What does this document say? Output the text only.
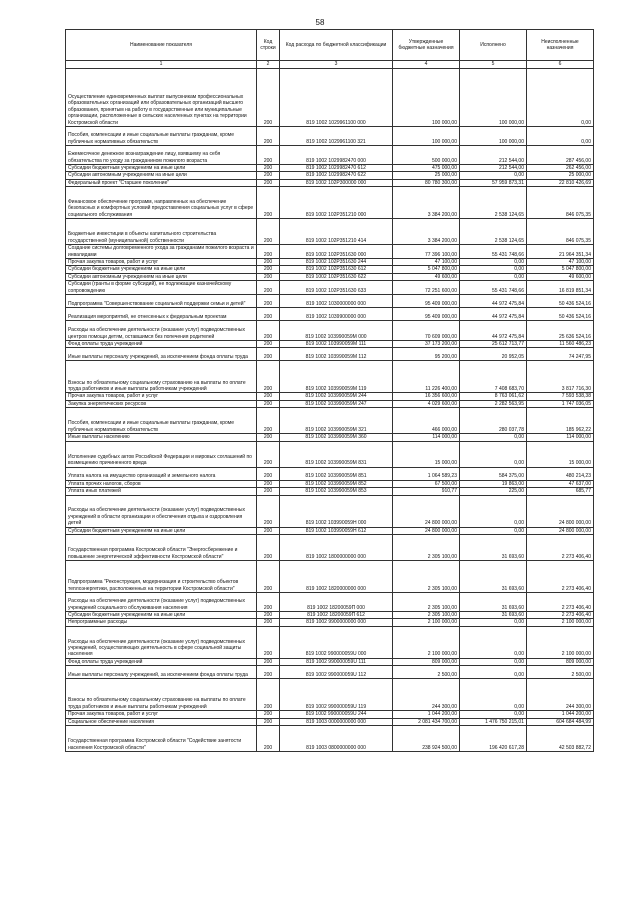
58
Наименование показателя	Код строки	Код расхода по бюджетной классификации	Утвержденные бюджетные назначения	Исполнено	Неисполненные назначения
1	2	3	4	5	6
Осуществление единовременных выплат выпускникам профессиональных образовательных организаций или образовательных организаций высшего образования, принятым на работу в государственные или муниципальные организации, расположенные в сельских населенных пунктах на территории Костромской области	200	819 1002 1029961100 000	100 000,00	100 000,00	0,00
Пособия, компенсации и иные социальные выплаты гражданам, кроме публичных нормативных обязательств	200	819 1002 1029961100 321	100 000,00	100 000,00	0,00
Ежемесячное денежное вознаграждение лицу, взявшему на себя обязательства по уходу за гражданином пожилого возраста	200	819 1002 1029982470 000	500 000,00	212 544,00	287 456,00
Субсидии бюджетным учреждениям на иные цели	200	819 1002 1029982470 612	475 000,00	212 544,00	262 456,00
Субсидии автономным учреждениям на иные цели	200	819 1002 1029982470 622	25 000,00	0,00	25 000,00
Федеральный проект "Старшее поколение"	200	819 1002 102P300000 000	80 780 300,00	57 959 873,31	22 810 426,69
Финансовое обеспечение программ, направленных на обеспечение безопасных и комфортных условий предоставления социальных услуг в сфере социального обслуживания	200	819 1002 102P351210 000	3 384 200,00	2 538 124,65	846 075,35
Бюджетные инвестиции в объекты капитального строительства государственной (муниципальной) собственности	200	819 1002 102P351210 414	3 384 200,00	2 538 124,65	846 075,35
Создание системы долговременного ухода за гражданами пожилого возраста и инвалидами	200	819 1002 102P351630 000	77 396 100,00	55 431 748,66	21 964 351,34
Прочая закупка товаров, работ и услуг	200	819 1002 102P351630 244	47 100,00	0,00	47 100,00
Субсидии бюджетным учреждениям на иные цели	200	819 1002 102P351630 612	5 047 800,00	0,00	5 047 800,00
Субсидии автономным учреждениям на иные цели	200	819 1002 102P351630 622	49 600,00	0,00	49 600,00
Субсидии (гранты в форме субсидий), не подлежащие казначейскому сопровождению	200	819 1002 102P351630 633	72 251 600,00	55 431 748,66	16 819 851,34
Подпрограмма "Совершенствование социальной поддержки семьи и детей"	200	819 1002 1030000000 000	95 409 000,00	44 972 475,84	50 436 524,16
Реализация мероприятий, не отнесенных к федеральным проектам	200	819 1002 1039900000 000	95 409 000,00	44 972 475,84	50 436 524,16
Расходы на обеспечение деятельности (оказание услуг) подведомственных центров помощи детям, оставшимся без попечения родителей	200	819 1002 103990059M 000	70 609 000,00	44 972 475,84	25 636 524,16
Фонд оплаты труда учреждений	200	819 1002 103990059M 111	37 173 200,00	25 612 713,77	11 560 486,23
Иные выплаты персоналу учреждений, за исключением фонда оплаты труда	200	819 1002 103990059M 112	95 200,00	20 952,05	74 247,95
Взносы по обязательному социальному страхованию на выплаты по оплате труда работников и иные выплаты работникам учреждений	200	819 1002 103990059M 119	11 226 400,00	7 408 683,70	3 817 716,30
Прочая закупка товаров, работ и услуг	200	819 1002 103990059M 244	16 356 600,00	8 763 061,62	7 593 538,38
Закупка энергетических ресурсов	200	819 1002 103990059M 247	4 029 600,00	2 282 563,95	1 747 036,05
Пособия, компенсации и иные социальные выплаты гражданам, кроме публичных нормативных обязательств	200	819 1002 103990059M 321	466 000,00	280 037,78	185 962,22
Иные выплаты населению	200	819 1002 103990059M 360	114 000,00	0,00	114 000,00
Исполнение судебных актов Российской Федерации и мировых соглашений по возмещению причиненного вреда	200	819 1002 103990059M 831	15 000,00	0,00	15 000,00
Уплата налога на имущество организаций и земельного налога	200	819 1002 103990059M 851	1 064 589,23	584 375,00	480 214,23
Уплата прочих налогов, сборов	200	819 1002 103990059M 852	67 500,00	19 863,00	47 637,00
Уплата иных платежей	200	819 1002 103990059M 853	910,77	225,00	685,77
Расходы на обеспечение деятельности (оказание услуг) подведомственных учреждений в области организации и обеспечения отдыха и оздоровления детей	200	819 1002 103990059Н 000	24 800 000,00	0,00	24 800 000,00
Субсидии бюджетным учреждениям на иные цели	200	819 1002 103990059Н 612	24 800 000,00	0,00	24 800 000,00
Государственная программа Костромской области "Энергосбережение и повышение энергетической эффективности Костромской области"	200	819 1002 1800000000 000	2 305 100,00	31 693,60	2 273 406,40
Подпрограмма "Реконструкция, модернизация и строительство объектов теплоэнергетики, расположенных на территории Костромской области"	200	819 1002 1820000000 000	2 305 100,00	31 693,60	2 273 406,40
Расходы на обеспечение деятельности (оказание услуг) подведомственных учреждений социального обслуживания населения	200	819 1002 18200059П 000	2 305 100,00	31 693,60	2 273 406,40
Субсидии бюджетным учреждениям на иные цели	200	819 1002 18200059П 612	2 305 100,00	31 693,60	2 273 406,40
Непрограммные расходы	200	819 1002 9900000000 000	2 100 000,00	0,00	2 100 000,00
Расходы на обеспечение деятельности (оказание услуг) подведомственных учреждений, осуществляющих деятельность в сфере социальной защиты населения	200	819 1002 990000059U 000	2 100 000,00	0,00	2 100 000,00
Фонд оплаты труда учреждений	200	819 1002 990000059U 111	809 000,00	0,00	809 000,00
Иные выплаты персоналу учреждений, за исключением фонда оплаты труда	200	819 1002 990000059U 112	2 500,00	0,00	2 500,00
Взносы по обязательному социальному страхованию на выплаты по оплате труда работников и иные выплаты работникам учреждений	200	819 1002 990000059U 119	244 300,00	0,00	244 300,00
Прочая закупка товаров, работ и услуг	200	819 1002 990000059U 244	1 044 200,00	0,00	1 044 200,00
Социальное обеспечение населения	200	819 1003 0000000000 000	2 081 434 700,00	1 476 750 215,01	604 684 484,99
Государственная программа Костромской области "Содействие занятости населения Костромской области"	200	819 1003 0800000000 000	238 924 500,00	196 420 617,28	42 503 882,72
